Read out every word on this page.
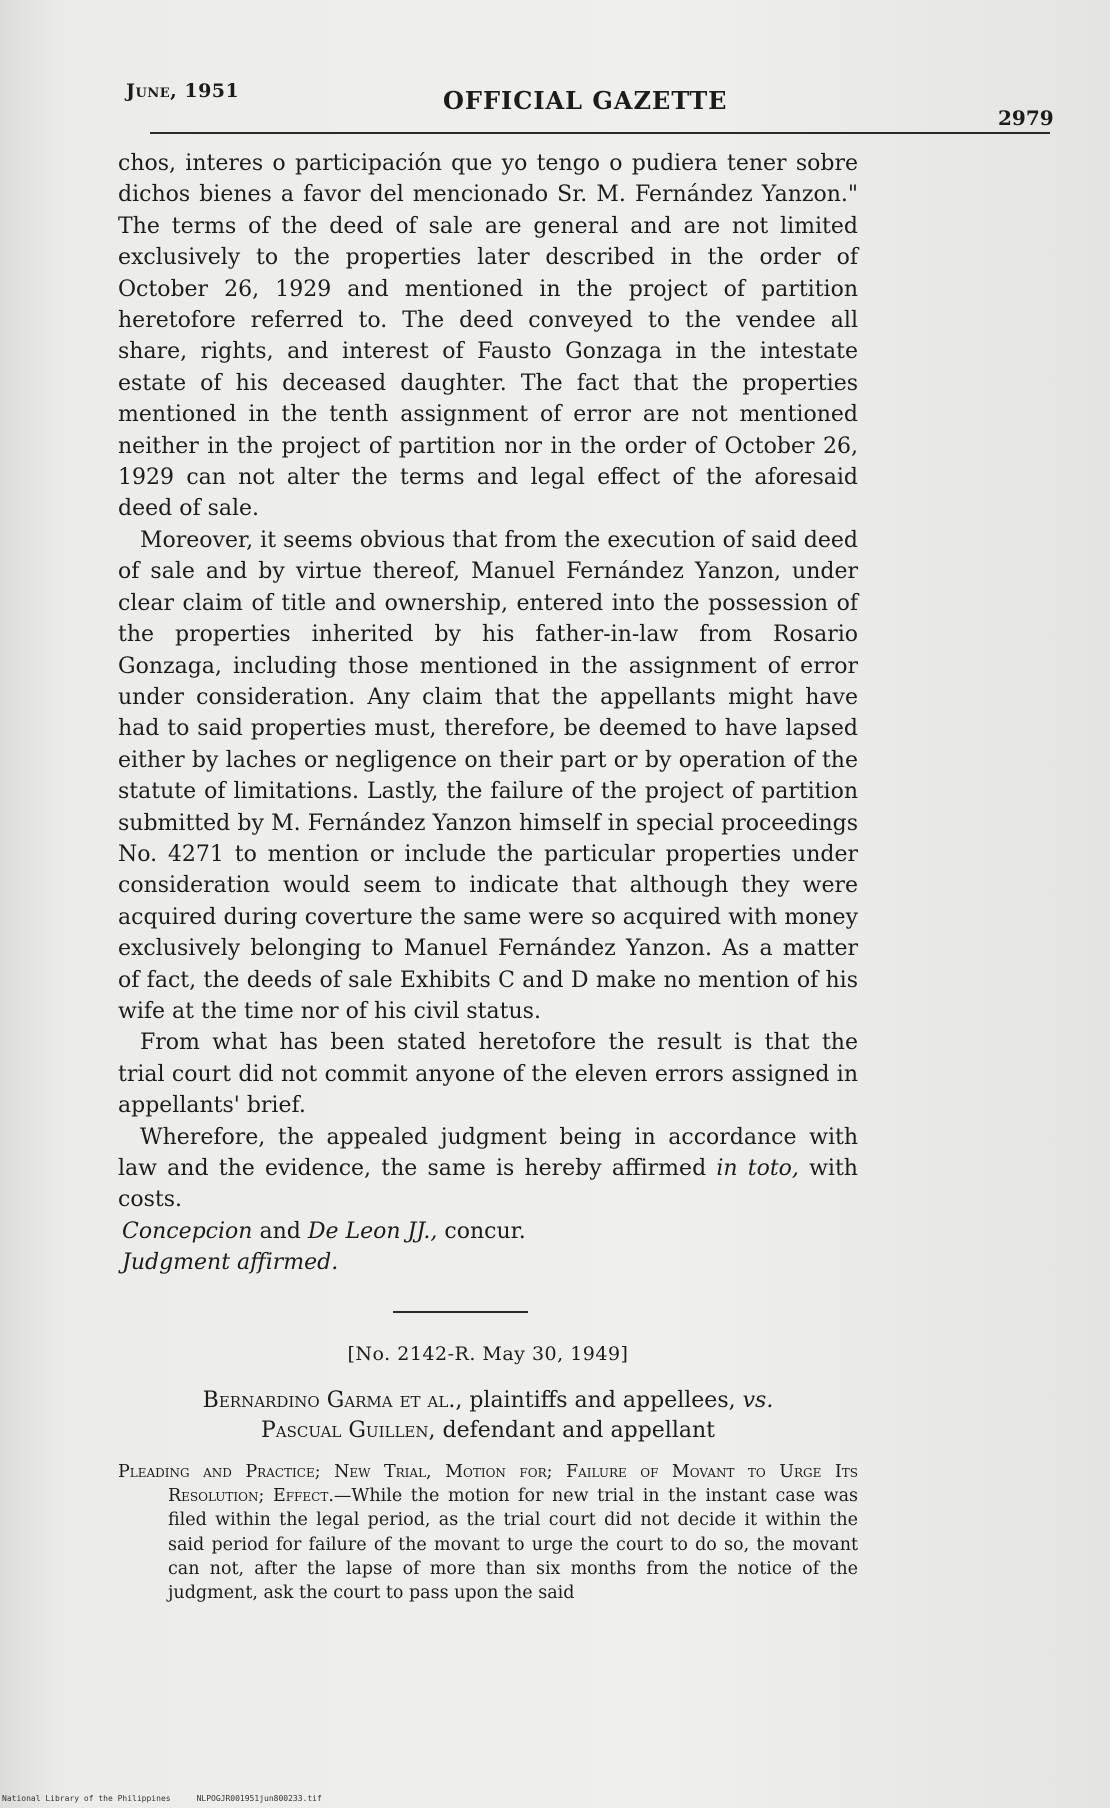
June, 1951	OFFICIAL GAZETTE
2979

chos, interes o participación que yo tengo o pudiera tener sobre dichos bienes a favor del mencionado Sr. M. Fernández Yanzon." The terms of the deed of sale are general and are not limited exclusively to the properties later described in the order of October 26, 1929 and mentioned in the project of partition heretofore referred to. The deed conveyed to the vendee all share, rights, and interest of Fausto Gonzaga in the intestate estate of his deceased daughter. The fact that the properties mentioned in the tenth assignment of error are not mentioned neither in the project of partition nor in the order of October 26, 1929 can not alter the terms and legal effect of the aforesaid deed of sale.

Moreover, it seems obvious that from the execution of said deed of sale and by virtue thereof, Manuel Fernández Yanzon, under clear claim of title and ownership, entered into the possession of the properties inherited by his father-in-law from Rosario Gonzaga, including those mentioned in the assignment of error under consideration. Any claim that the appellants might have had to said properties must, therefore, be deemed to have lapsed either by laches or negligence on their part or by operation of the statute of limitations. Lastly, the failure of the project of partition submitted by M. Fernández Yanzon himself in special proceedings No. 4271 to mention or include the particular properties under consideration would seem to indicate that although they were acquired during coverture the same were so acquired with money exclusively belonging to Manuel Fernández Yanzon. As a matter of fact, the deeds of sale Exhibits C and D make no mention of his wife at the time nor of his civil status.

From what has been stated heretofore the result is that the trial court did not commit anyone of the eleven errors assigned in appellants' brief.

Wherefore, the appealed judgment being in accordance with law and the evidence, the same is hereby affirmed in toto, with costs.

Concepcion and De Leon JJ., concur.

Judgment affirmed.

[No. 2142-R. May 30, 1949]
Bernardino Garma et al., plaintiffs and appellees, vs.
Pascual Guillen, defendant and appellant
Pleading and Practice; New Trial, Motion for; Failure of Movant to Urge Its Resolution; Effect.—While the motion for new trial in the instant case was filed within the legal period, as the trial court did not decide it within the said period for failure of the movant to urge the court to do so, the movant can not, after the lapse of more than six months from the notice of the judgment, ask the court to pass upon the said
National Library of the Philippines	NLPOGJR001951jun800233.tif
